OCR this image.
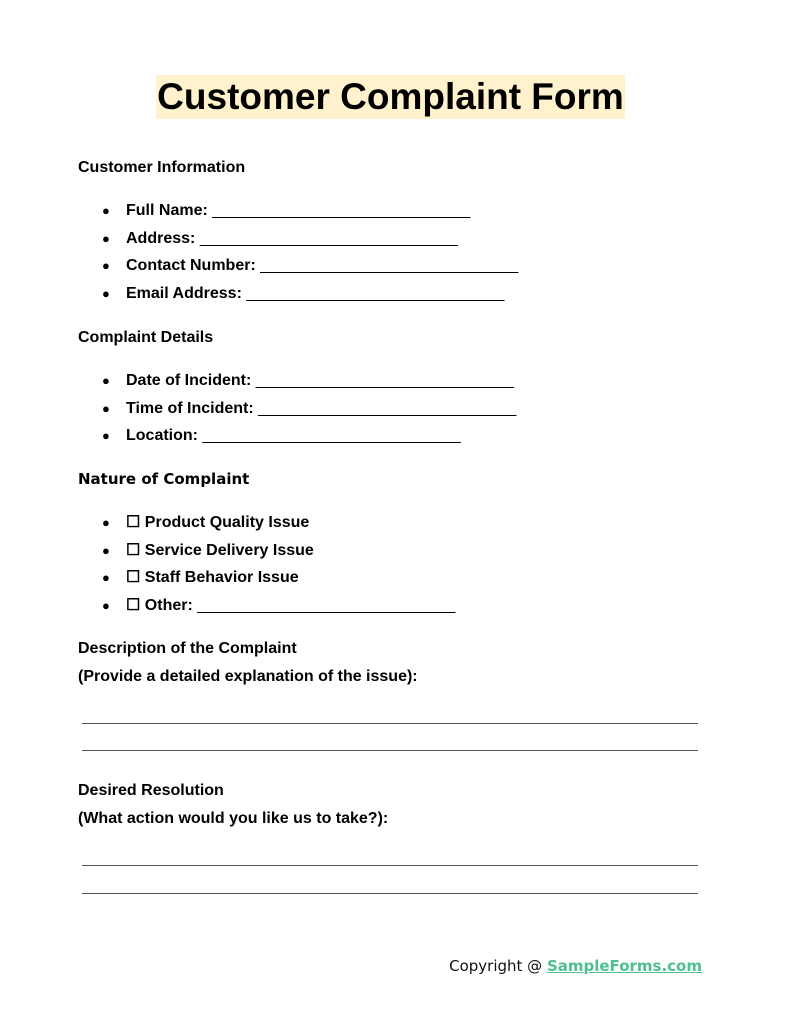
Customer Complaint Form
Customer Information
● Full Name: _____________________________
● Address: _____________________________
● Contact Number: _____________________________
● Email Address: _____________________________
Complaint Details
● Date of Incident: _____________________________
● Time of Incident: _____________________________
● Location: _____________________________
Nature of Complaint
● ☐ Product Quality Issue
● ☐ Service Delivery Issue
● ☐ Staff Behavior Issue
● ☐ Other: _____________________________
Description of the Complaint
(Provide a detailed explanation of the issue):
Desired Resolution
(What action would you like us to take?):
Copyright @ SampleForms.com
